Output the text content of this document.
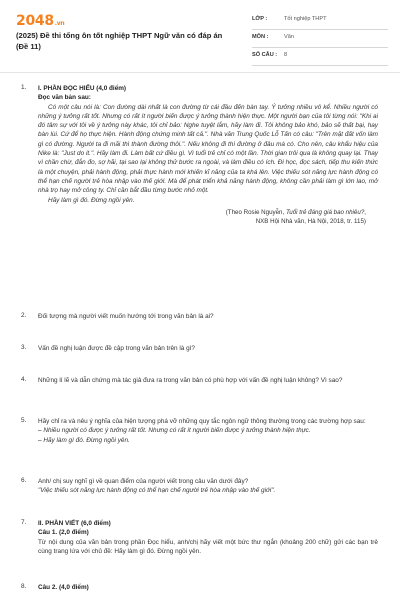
2048.vn
(2025) Đề thi tổng ôn tốt nghiệp THPT Ngữ văn có đáp án (Đề 11)
LỚP :	Tốt nghiệp THPT
MÔN :	Văn
SỐ CÂU : 8
1. I. PHẦN ĐỌC HIỂU (4,0 điểm)
Đọc văn bản sau:
Có một câu nói là: Con đường dài nhất là con đường từ cái đầu đến bàn tay. Ý tưởng nhiều vô kể. Nhiều người có những ý tưởng rất tốt. Nhưng có rất ít người biến được ý tưởng thành hiện thực. Một người bạn của tôi từng nói: "Khi ai đó tâm sự với tôi về ý tưởng này khác, tôi chỉ bảo: Nghe tuyệt lắm, hãy làm đi. Tôi không bảo khó, bảo sẽ thất bại, hay bàn lùi. Cứ để họ thực hiện. Hành động chứng minh tất cả.". Nhà văn Trung Quốc Lỗ Tấn có câu: "Trên mặt đất vốn làm gì có đường. Người ta đi mãi thì thành đường thôi.". Nếu không đi thì đường ở đâu mà có. Cho nên, câu khẩu hiệu của Nike là: "Just do it.". Hãy làm đi. Làm bất cứ điều gì. Vì tuổi trẻ chỉ có một lần. Thời gian trôi qua là không quay lại. Thay vì chần chừ, đắn đo, sợ hãi, tại sao lại không thử bước ra ngoài, và làm điều có ích. Đi học, đọc sách, tiếp thu kiến thức là một chuyện, phải hành động, phải thực hành mới khiến kĩ năng của ta khá lên. Việc thiếu sót năng lực hành động có thể hạn chế người trẻ hòa nhập vào thế giới. Mà để phát triển khả năng hành động, không cần phải làm gì lớn lao, mở nhà trọ hay mở công ty. Chỉ cần bắt đầu từng bước nhỏ một.
Hãy làm gì đó. Đừng ngồi yên.
(Theo Rosie Nguyễn, Tuổi trẻ đáng giá bao nhiêu?,
NXB Hội Nhà văn, Hà Nội, 2018, tr. 115)
2. Đối tượng mà người viết muốn hướng tới trong văn bản là ai?
3. Vấn đề nghị luận được đề cập trong văn bản trên là gì?
4. Những lí lẽ và dẫn chứng mà tác giả đưa ra trong văn bản có phù hợp với vấn đề nghị luận không? Vì sao?
5. Hãy chỉ ra và nêu ý nghĩa của hiện tượng phá vỡ những quy tắc ngôn ngữ thông thường trong các trường hợp sau:
– Nhiều người có được ý tưởng rất tốt. Nhưng có rất ít người biến được ý tưởng thành hiện thực.
– Hãy làm gì đó. Đừng ngồi yên.
6. Anh/ chị suy nghĩ gì về quan điểm của người viết trong câu văn dưới đây?
"Việc thiếu sót năng lực hành động có thể hạn chế người trẻ hòa nhập vào thế giới".
7. II. PHẦN VIẾT (6,0 điểm)
Câu 1. (2,0 điểm)
Từ nội dung của văn bản trong phần Đọc hiểu, anh/chị hãy viết một bức thư ngắn (khoảng 200 chữ) gửi các bạn trẻ cùng trang lứa với chủ đề: Hãy làm gì đó. Đừng ngồi yên.
8. Câu 2. (4,0 điểm)
